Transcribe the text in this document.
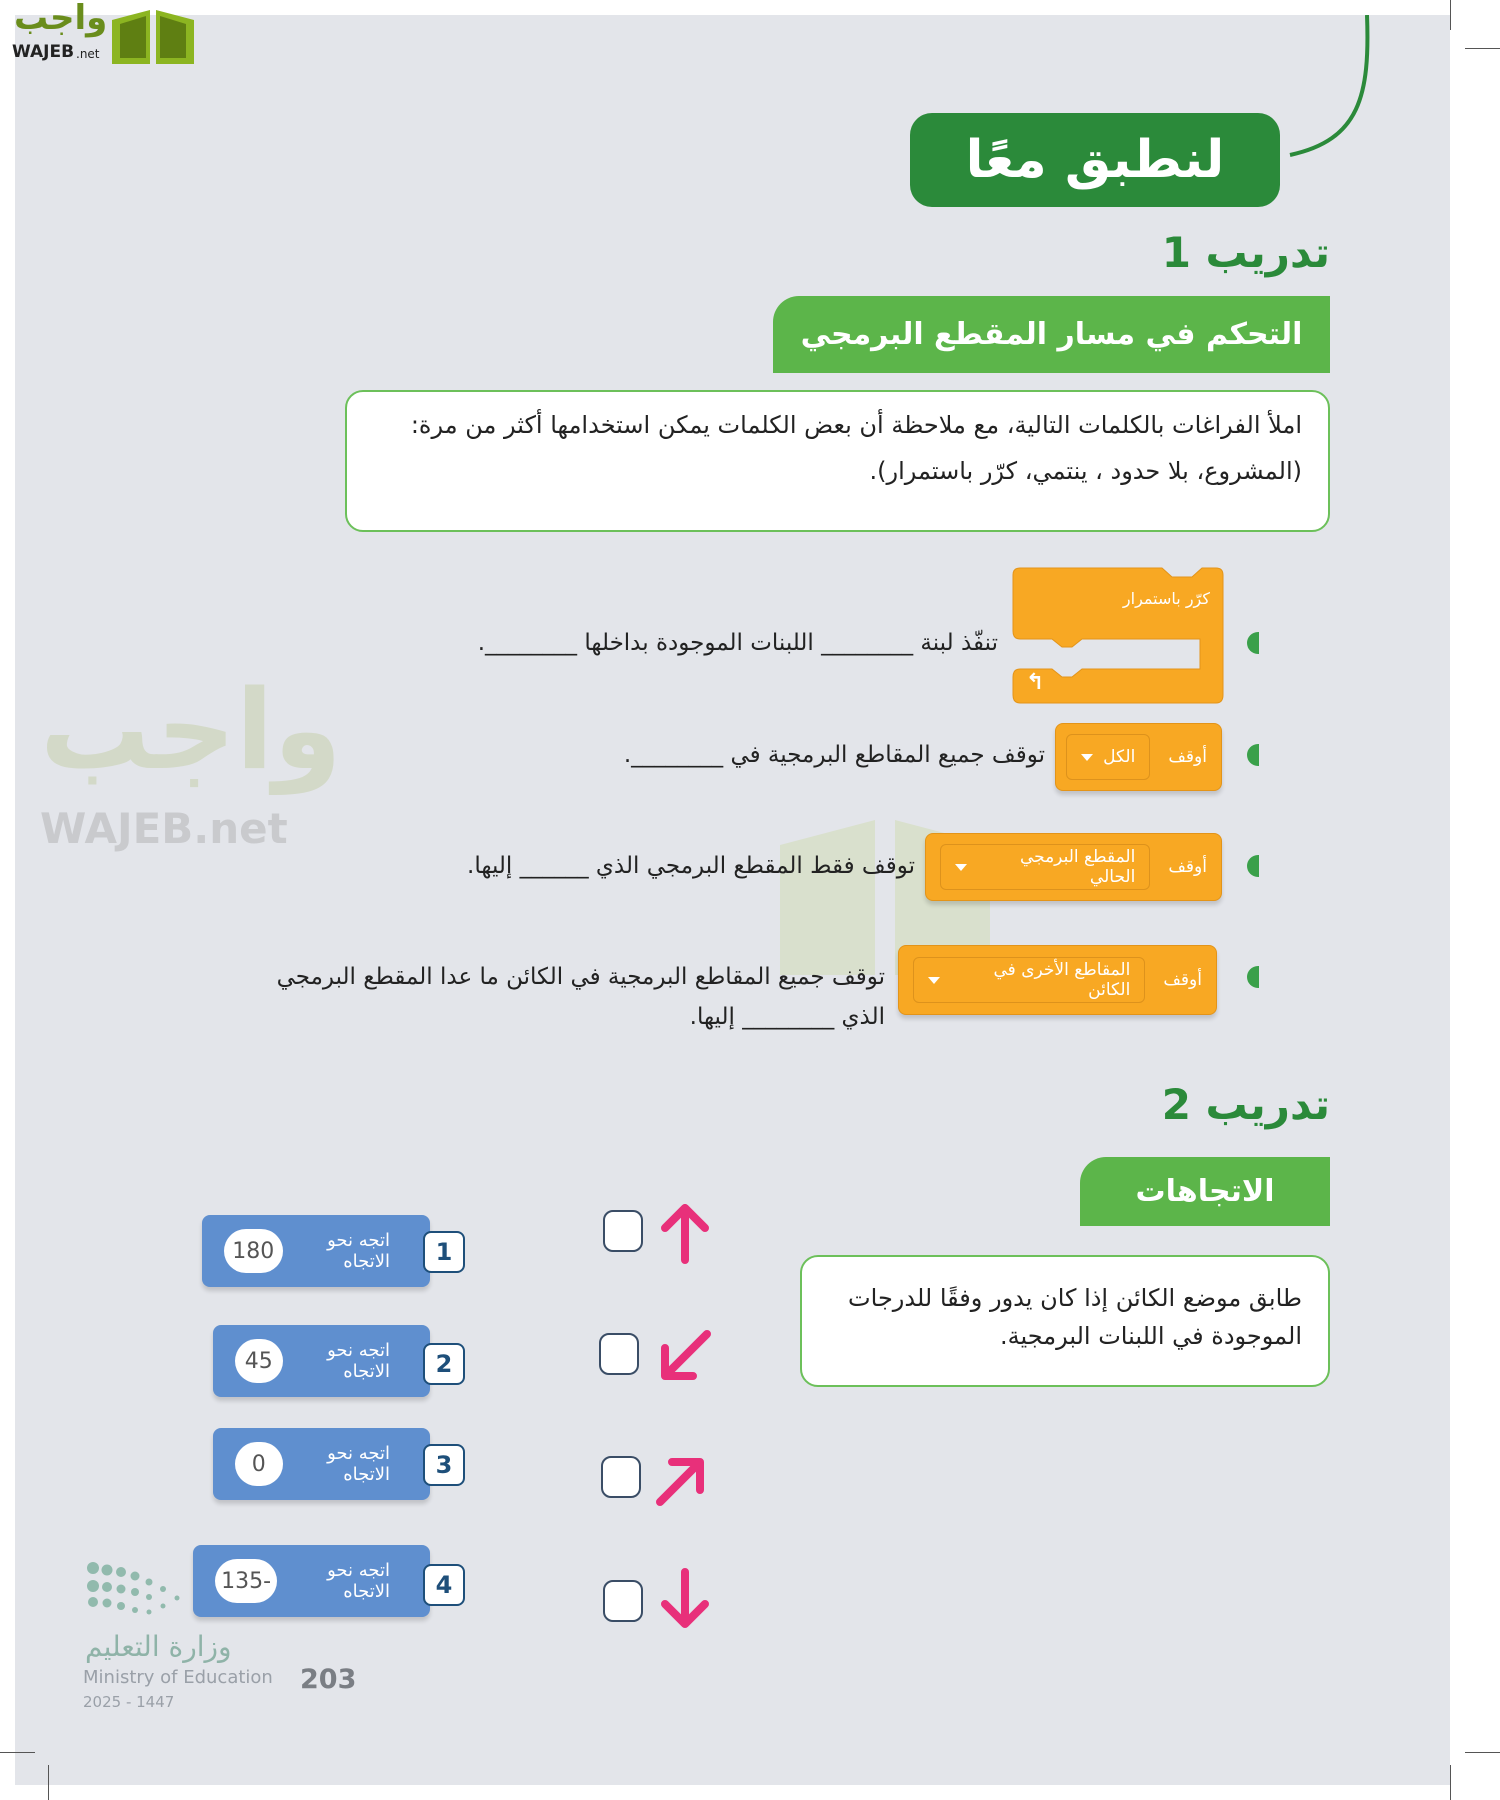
واجب
WAJEB .net
لنطبق معًا
تدريب 1
التحكم في مسار المقطع البرمجي
املأ الفراغات بالكلمات التالية، مع ملاحظة أن بعض الكلمات يمكن استخدامها أكثر من مرة:
(المشروع، بلا حدود ، ينتمي، كرّر باستمرار).
واجب
WAJEB.net
كرّر باستمرار
↰
تنفّذ لبنة ________ اللبنات الموجودة بداخلها ________.
أوقف
الكل
توقف جميع المقاطع البرمجية في ________.
أوقف
المقطع البرمجي الحالي
توقف فقط المقطع البرمجي الذي ______ إليها.
أوقف
المقاطع الأخرى في الكائن
توقف جميع المقاطع البرمجية في الكائن ما عدا المقطع البرمجي
الذي ________ إليها.
تدريب 2
الاتجاهات
طابق موضع الكائن إذا كان يدور وفقًا للدرجات الموجودة في اللبنات البرمجية.
اتجه نحو الاتجاه
180
اتجه نحو الاتجاه
45
اتجه نحو الاتجاه
0
اتجه نحو الاتجاه
-135
1
2
3
4
وزارة التعليم
Ministry of Education
2025 - 1447
203
